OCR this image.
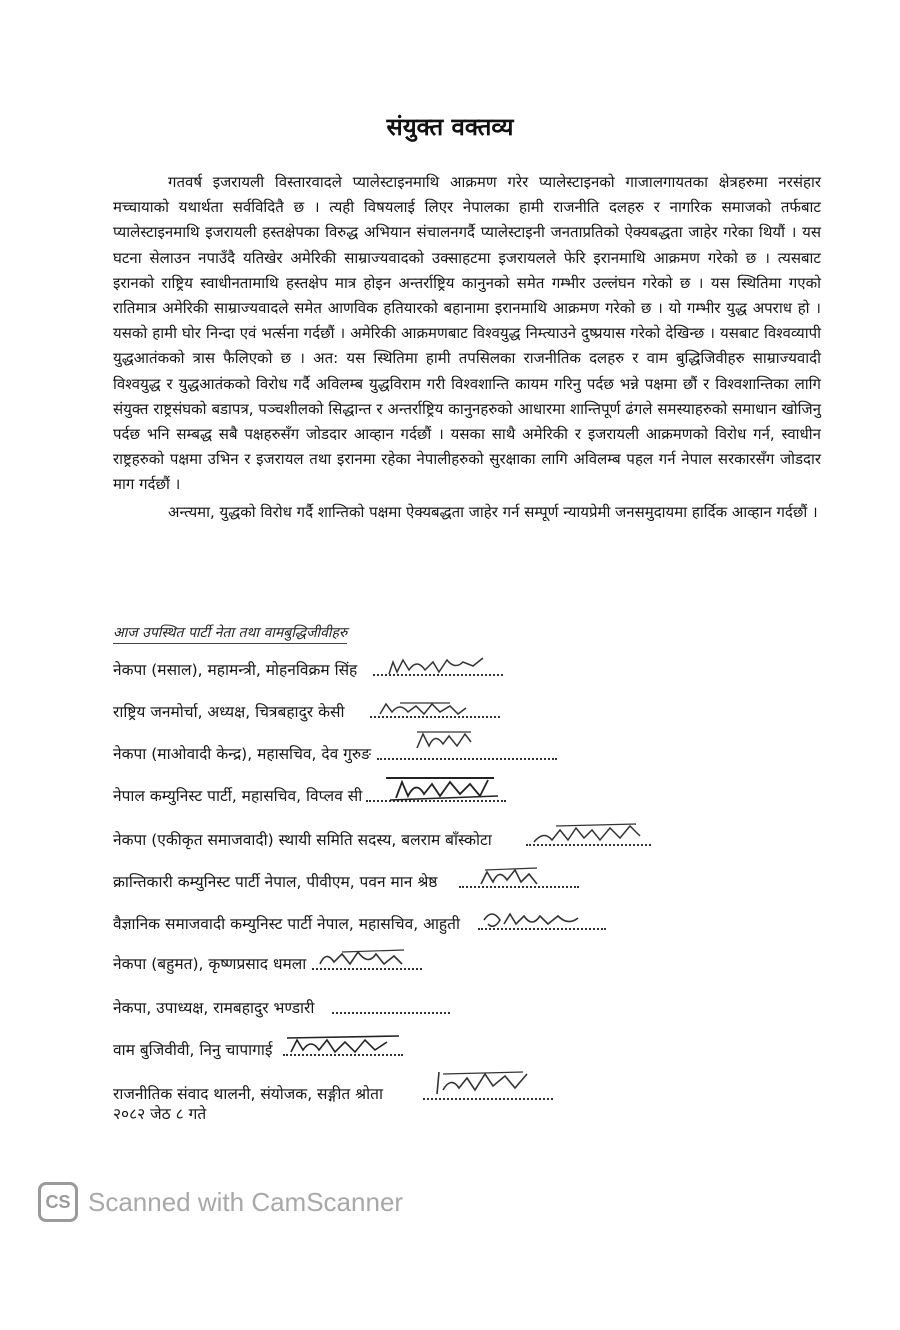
संयुक्त वक्तव्य

गतवर्ष इजरायली विस्तारवादले प्यालेस्टाइनमाथि आक्रमण गरेर प्यालेस्टाइनको गाजालगायतका क्षेत्रहरुमा नरसंहार मच्चायाको यथार्थता सर्वविदितै छ । त्यही विषयलाई लिएर नेपालका हामी राजनीति दलहरु र नागरिक समाजको तर्फबाट प्यालेस्टाइनमाथि इजरायली हस्तक्षेपका विरुद्ध अभियान संचालनगर्दै प्यालेस्टाइनी जनताप्रतिको ऐक्यबद्धता जाहेर गरेका थियौं । यस घटना सेलाउन नपाउँदै यतिखेर अमेरिकी साम्राज्यवादको उक्साहटमा इजरायलले फेरि इरानमाथि आक्रमण गरेको छ । त्यसबाट इरानको राष्ट्रिय स्वाधीनतामाथि हस्तक्षेप मात्र होइन अन्तर्राष्ट्रिय कानुनको समेत गम्भीर उल्लंघन गरेको छ । यस स्थितिमा गएको रातिमात्र अमेरिकी साम्राज्यवादले समेत आणविक हतियारको बहानामा इरानमाथि आक्रमण गरेको छ । यो गम्भीर युद्ध अपराध हो । यसको हामी घोर निन्दा एवं भर्त्सना गर्दछौं । अमेरिकी आक्रमणबाट विश्वयुद्ध निम्त्याउने दुष्प्रयास गरेको देखिन्छ । यसबाट विश्वव्यापी युद्धआतंकको त्रास फैलिएको छ । अत: यस स्थितिमा हामी तपसिलका राजनीतिक दलहरु र वाम बुद्धिजिवीहरु साम्राज्यवादी विश्वयुद्ध र युद्धआतंकको विरोध गर्दै अविलम्ब युद्धविराम गरी विश्वशान्ति कायम गरिनु पर्दछ भन्ने पक्षमा छौं र विश्वशान्तिका लागि संयुक्त राष्ट्रसंघको बडापत्र, पञ्चशीलको सिद्धान्त र अन्तर्राष्ट्रिय कानुनहरुको आधारमा शान्तिपूर्ण ढंगले समस्याहरुको समाधान खोजिनु पर्दछ भनि सम्बद्ध सबै पक्षहरुसँग जोडदार आव्हान गर्दछौं । यसका साथै अमेरिकी र इजरायली आक्रमणको विरोध गर्न, स्वाधीन राष्ट्रहरुको पक्षमा उभिन र इजरायल तथा इरानमा रहेका नेपालीहरुको सुरक्षाका लागि अविलम्ब पहल गर्न नेपाल सरकारसँग जोडदार माग गर्दछौं ।

अन्त्यमा, युद्धको विरोध गर्दै शान्तिको पक्षमा ऐक्यबद्धता जाहेर गर्न सम्पूर्ण न्यायप्रेमी जनसमुदायमा हार्दिक आव्हान गर्दछौं ।

आज उपस्थित पार्टी नेता तथा वामबुद्धिजीवीहरु
नेकपा (मसाल), महामन्त्री, मोहनविक्रम सिंह
राष्ट्रिय जनमोर्चा, अध्यक्ष, चित्रबहादुर केसी
नेकपा (माओवादी केन्द्र), महासचिव, देव गुरुङ
नेपाल कम्युनिस्ट पार्टी, महासचिव, विप्लव सी
नेकपा (एकीकृत समाजवादी) स्थायी समिति सदस्य, बलराम बाँस्कोटा
क्रान्तिकारी कम्युनिस्ट पार्टी नेपाल, पीवीएम, पवन मान श्रेष्ठ
वैज्ञानिक समाजवादी कम्युनिस्ट पार्टी नेपाल, महासचिव, आहुती
नेकपा (बहुमत), कृष्णप्रसाद धमला
नेकपा, उपाध्यक्ष, रामबहादुर भण्डारी
वाम बुजिवीवी, निनु चापागाई
राजनीतिक संवाद थालनी, संयोजक, सङ्गीत श्रोता
२०८२ जेठ ८ गते
CS Scanned with CamScanner
